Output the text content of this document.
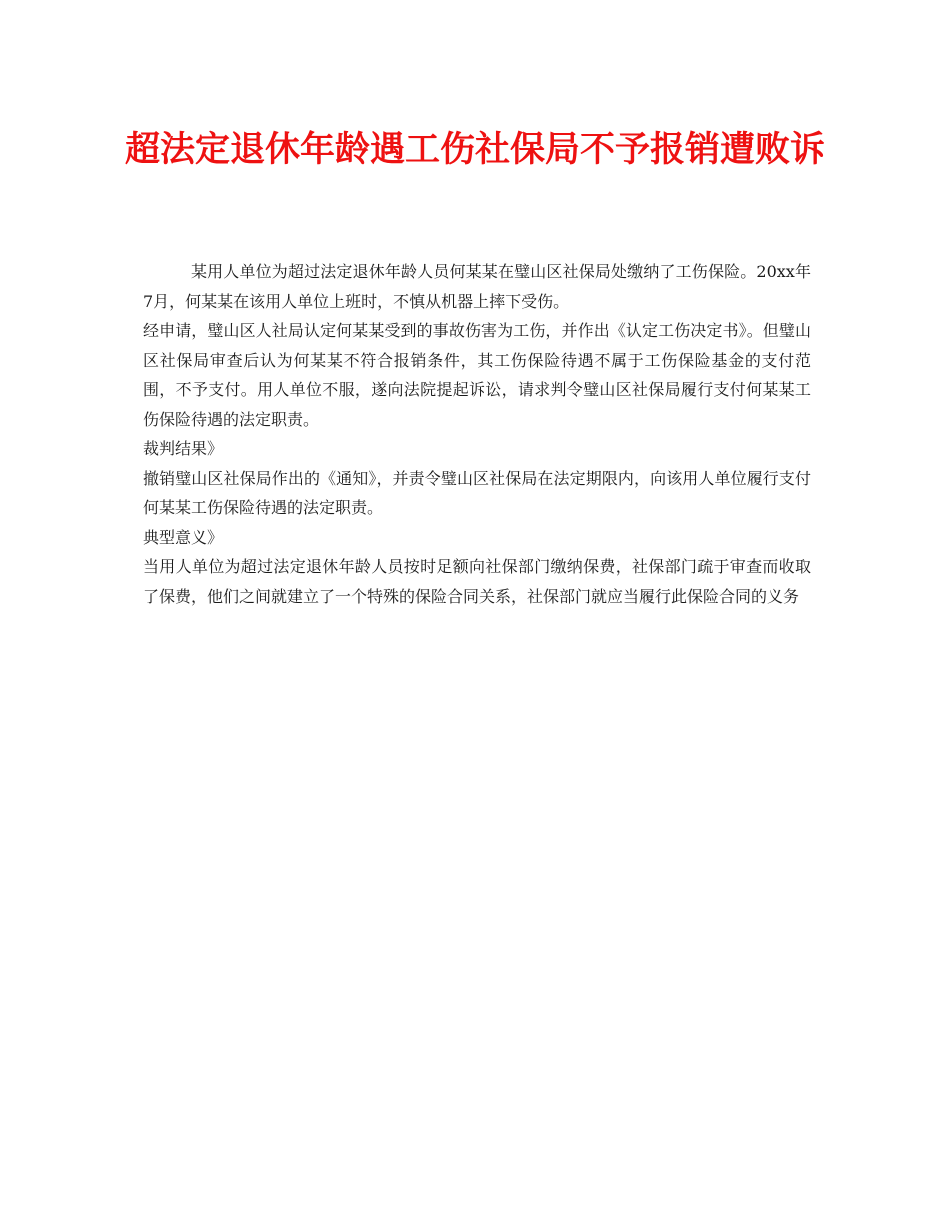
超法定退休年龄遇工伤社保局不予报销遭败诉

某用人单位为超过法定退休年龄人员何某某在璧山区社保局处缴纳了工伤保险。20xx年7月，何某某在该用人单位上班时，不慎从机器上摔下受伤。

经申请，璧山区人社局认定何某某受到的事故伤害为工伤，并作出《认定工伤决定书》。但璧山区社保局审查后认为何某某不符合报销条件，其工伤保险待遇不属于工伤保险基金的支付范围，不予支付。用人单位不服，遂向法院提起诉讼，请求判令璧山区社保局履行支付何某某工伤保险待遇的法定职责。

裁判结果》

撤销璧山区社保局作出的《通知》，并责令璧山区社保局在法定期限内，向该用人单位履行支付何某某工伤保险待遇的法定职责。

典型意义》

当用人单位为超过法定退休年龄人员按时足额向社保部门缴纳保费，社保部门疏于审查而收取了保费，他们之间就建立了一个特殊的保险合同关系，社保部门就应当履行此保险合同的义务
